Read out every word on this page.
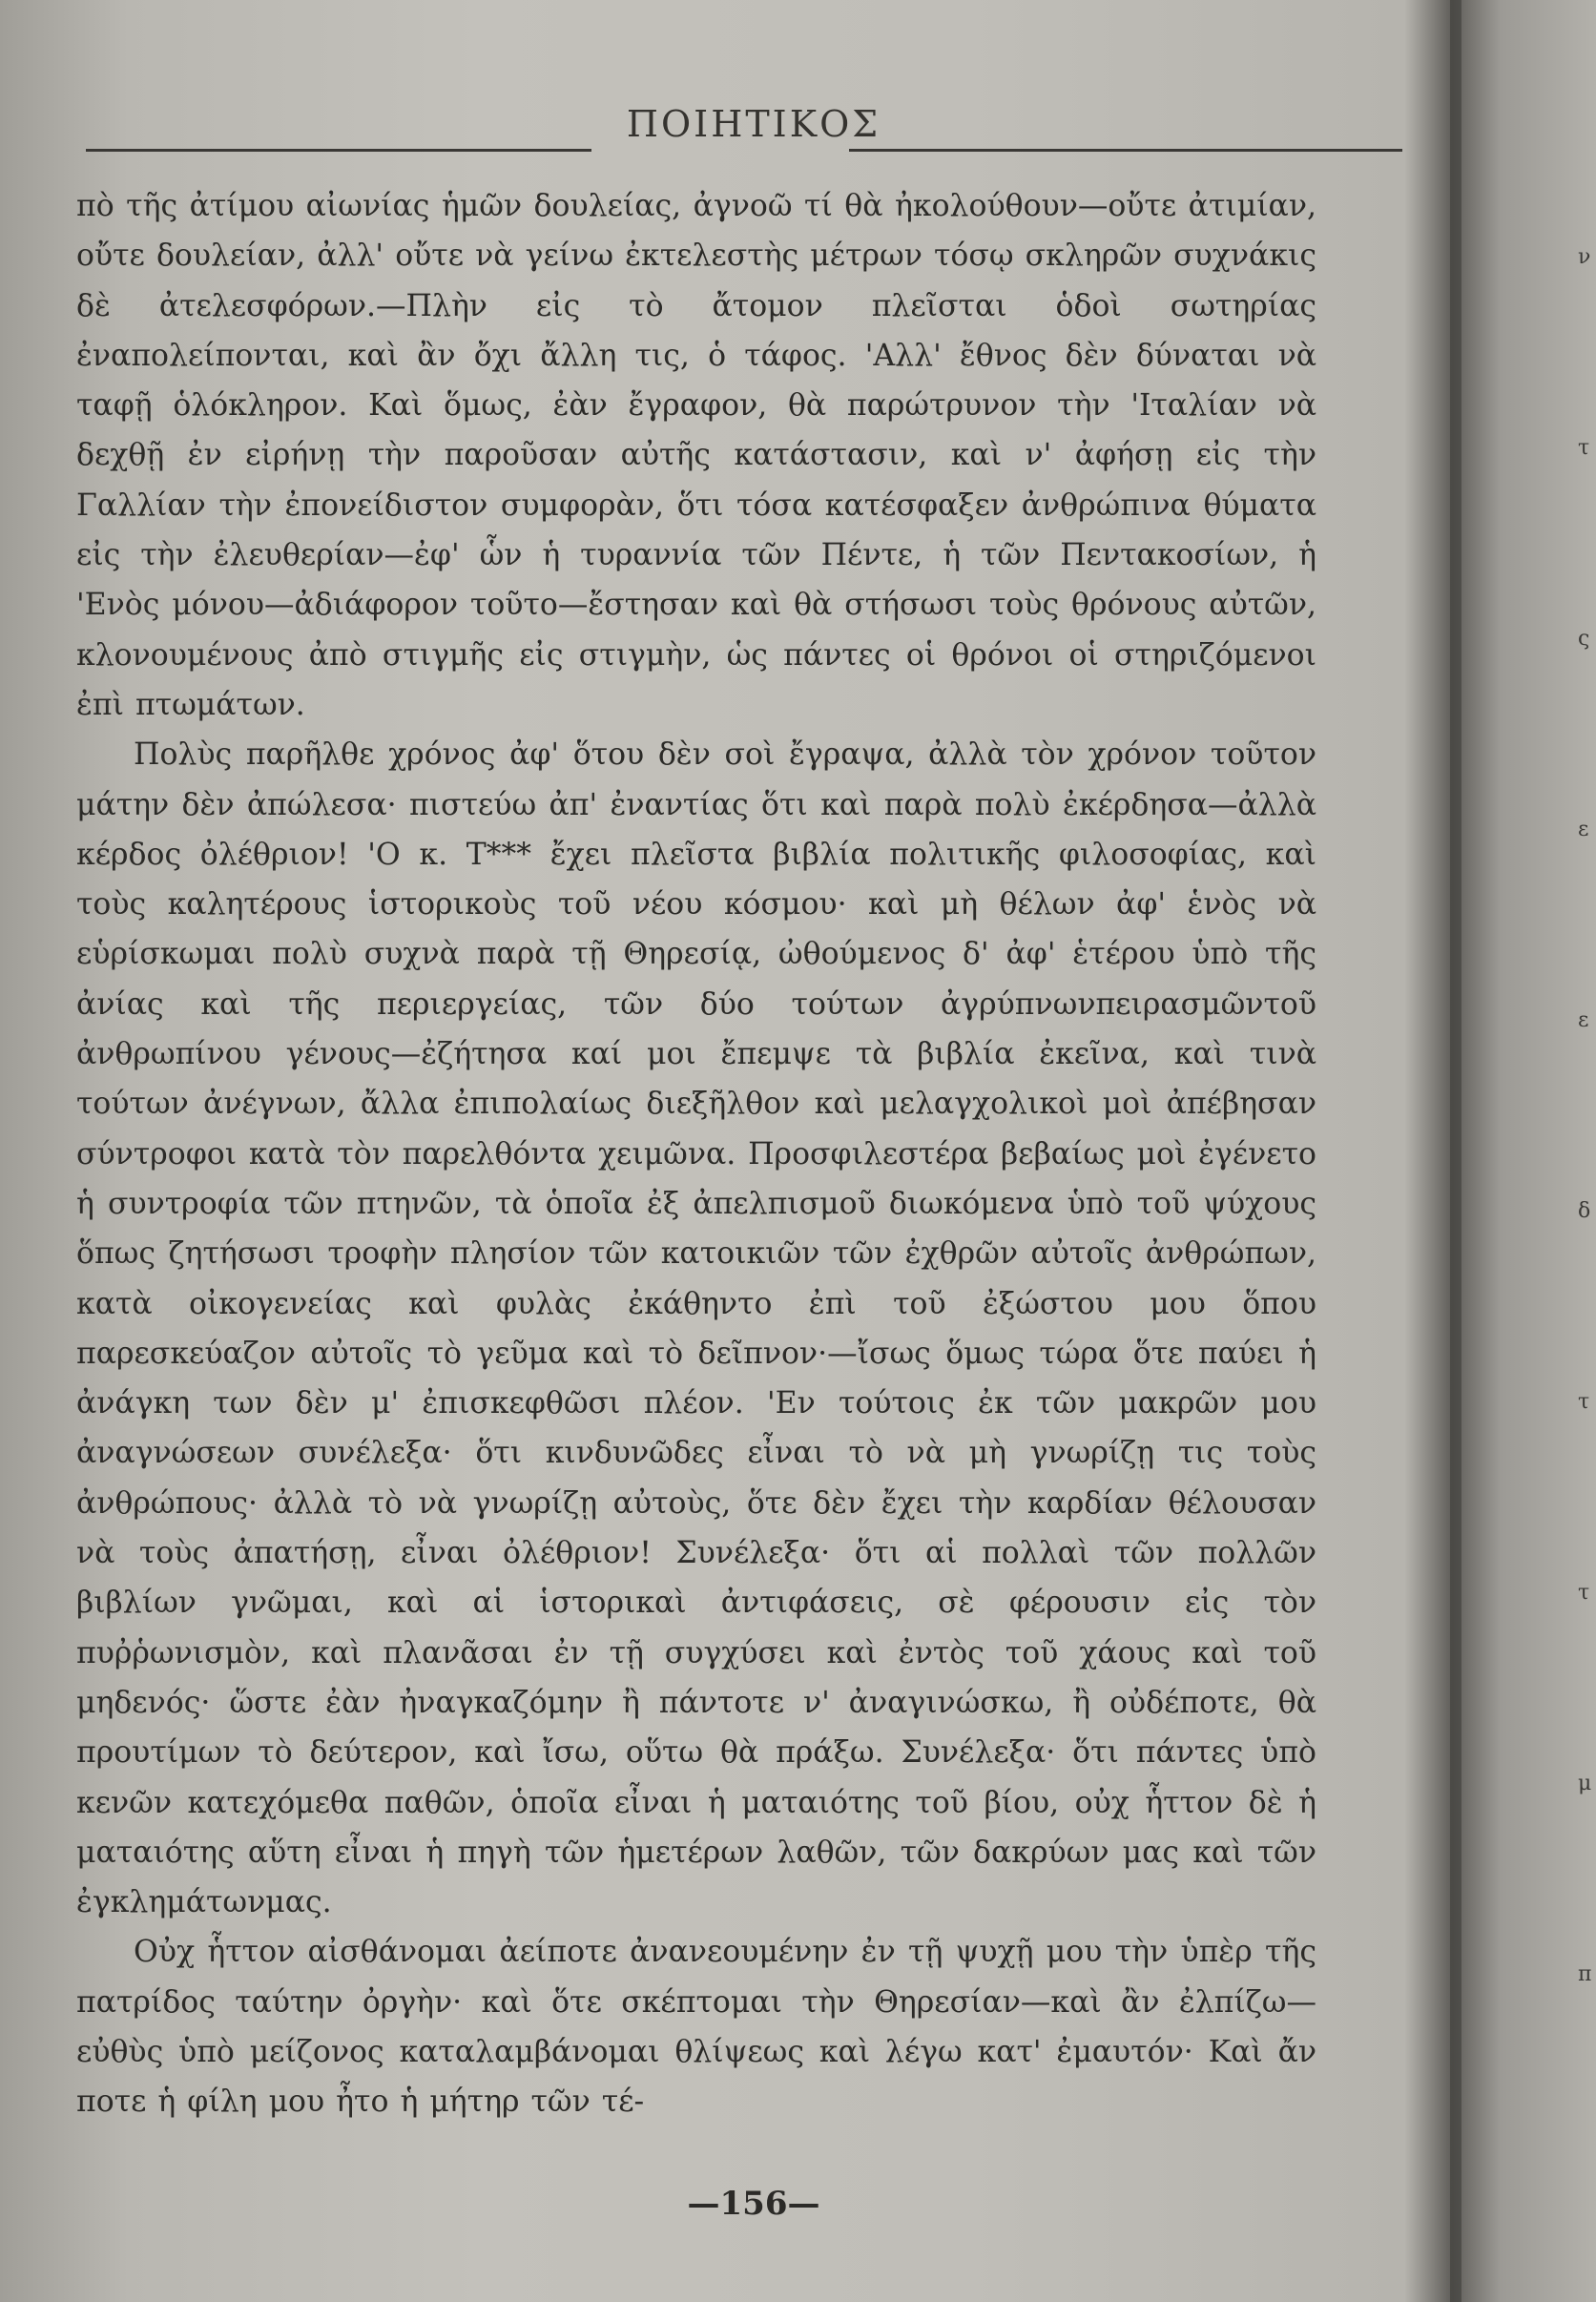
ν
τ
ς
ε
ε
δ
τ
τ
μ
π
ΠΟΙΗΤΙΚΟΣ

πὸ τῆς ἀτίμου αἰωνίας ἡμῶν δουλείας, ἀγνοῶ τί θὰ ἠκολούθουν—οὔτε ἀτιμίαν, οὔτε δουλείαν, ἀλλ' οὔτε νὰ γείνω ἐκτελεστὴς μέτρων τόσῳ σκληρῶν συχνάκις δὲ ἀτελεσφόρων.—Πλὴν εἰς τὸ ἄτομον πλεῖσται ὁδοὶ σωτηρίας ἐναπολείπονται, καὶ ἂν ὄχι ἄλλη τις, ὁ τάφος. 'Αλλ' ἔθνος δὲν δύναται νὰ ταφῇ ὁλόκληρον. Καὶ ὅμως, ἐὰν ἔγραφον, θὰ παρώτρυνον τὴν 'Ιταλίαν νὰ δεχθῇ ἐν εἰρήνῃ τὴν παροῦσαν αὐτῆς κατάστασιν, καὶ ν' ἀφήσῃ εἰς τὴν Γαλλίαν τὴν ἐπονείδιστον συμφορὰν, ὅτι τόσα κατέσφαξεν ἀνθρώπινα θύματα εἰς τὴν ἐλευθερίαν—ἐφ' ὧν ἡ τυραννία τῶν Πέντε, ἡ τῶν Πεντακοσίων, ἡ 'Ενὸς μόνου—ἀδιάφορον τοῦτο—ἔστησαν καὶ θὰ στήσωσι τοὺς θρόνους αὐτῶν, κλονουμένους ἀπὸ στιγμῆς εἰς στιγμὴν, ὡς πάντες οἱ θρόνοι οἱ στηριζόμενοι ἐπὶ πτωμάτων.

Πολὺς παρῆλθε χρόνος ἀφ' ὅτου δὲν σοὶ ἔγραψα, ἀλλὰ τὸν χρόνον τοῦτον μάτην δὲν ἀπώλεσα· πιστεύω ἀπ' ἐναντίας ὅτι καὶ παρὰ πολὺ ἐκέρδησα—ἀλλὰ κέρδος ὀλέθριον! 'Ο κ. Τ*** ἔχει πλεῖστα βιβλία πολιτικῆς φιλοσοφίας, καὶ τοὺς καλητέρους ἱστορικοὺς τοῦ νέου κόσμου· καὶ μὴ θέλων ἀφ' ἑνὸς νὰ εὑρίσκωμαι πολὺ συχνὰ παρὰ τῇ Θηρεσίᾳ, ὠθούμενος δ' ἀφ' ἑτέρου ὑπὸ τῆς ἀνίας καὶ τῆς περιεργείας, τῶν δύο τούτων ἀγρύπνωνπειρασμῶντοῦ ἀνθρωπίνου γένους—ἐζήτησα καί μοι ἔπεμψε τὰ βιβλία ἐκεῖνα, καὶ τινὰ τούτων ἀνέγνων, ἄλλα ἐπιπολαίως διεξῆλθον καὶ μελαγχολικοὶ μοὶ ἀπέβησαν σύντροφοι κατὰ τὸν παρελθόντα χειμῶνα. Προσφιλεστέρα βεβαίως μοὶ ἐγένετο ἡ συντροφία τῶν πτηνῶν, τὰ ὁποῖα ἐξ ἀπελπισμοῦ διωκόμενα ὑπὸ τοῦ ψύχους ὅπως ζητήσωσι τροφὴν πλησίον τῶν κατοικιῶν τῶν ἐχθρῶν αὐτοῖς ἀνθρώπων, κατὰ οἰκογενείας καὶ φυλὰς ἐκάθηντο ἐπὶ τοῦ ἐξώστου μου ὅπου παρεσκεύαζον αὐτοῖς τὸ γεῦμα καὶ τὸ δεῖπνον·—ἴσως ὅμως τώρα ὅτε παύει ἡ ἀνάγκη των δὲν μ' ἐπισκεφθῶσι πλέον. 'Εν τούτοις ἐκ τῶν μακρῶν μου ἀναγνώσεων συνέλεξα· ὅτι κινδυνῶδες εἶναι τὸ νὰ μὴ γνωρίζῃ τις τοὺς ἀνθρώπους· ἀλλὰ τὸ νὰ γνωρίζῃ αὐτοὺς, ὅτε δὲν ἔχει τὴν καρδίαν θέλουσαν νὰ τοὺς ἀπατήσῃ, εἶναι ὀλέθριον! Συνέλεξα· ὅτι αἱ πολλαὶ τῶν πολλῶν βιβλίων γνῶμαι, καὶ αἱ ἱστορικαὶ ἀντιφάσεις, σὲ φέρουσιν εἰς τὸν πυῤῥωνισμὸν, καὶ πλανᾶσαι ἐν τῇ συγχύσει καὶ ἐντὸς τοῦ χάους καὶ τοῦ μηδενός· ὥστε ἐὰν ἠναγκαζόμην ἢ πάντοτε ν' ἀναγινώσκω, ἢ οὐδέποτε, θὰ προυτίμων τὸ δεύτερον, καὶ ἴσω, οὕτω θὰ πράξω. Συνέλεξα· ὅτι πάντες ὑπὸ κενῶν κατεχόμεθα παθῶν, ὁποῖα εἶναι ἡ ματαιότης τοῦ βίου, οὐχ ἧττον δὲ ἡ ματαιότης αὕτη εἶναι ἡ πηγὴ τῶν ἡμετέρων λαθῶν, τῶν δακρύων μας καὶ τῶν ἐγκλημάτωνμας.

Οὐχ ἧττον αἰσθάνομαι ἀείποτε ἀνανεουμένην ἐν τῇ ψυχῇ μου τὴν ὑπὲρ τῆς πατρίδος ταύτην ὀργὴν· καὶ ὅτε σκέπτομαι τὴν Θηρεσίαν—καὶ ἂν ἐλπίζω—εὐθὺς ὑπὸ μείζονος καταλαμβάνομαι θλίψεως καὶ λέγω κατ' ἐμαυτόν· Καὶ ἄν ποτε ἡ φίλη μου ἦτο ἡ μήτηρ τῶν τέ-

—156—
